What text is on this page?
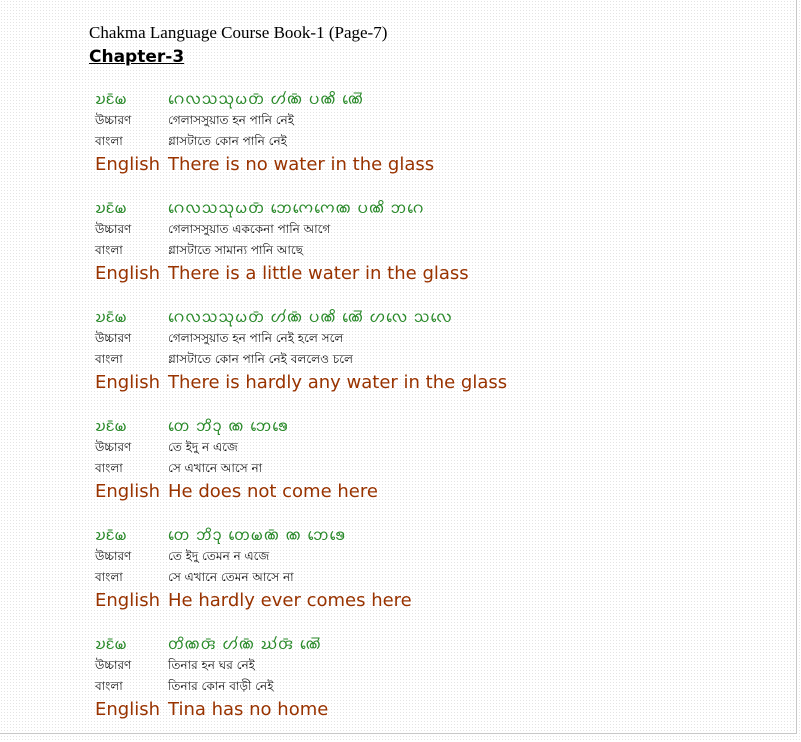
Chakma Language Course Book-1 (Page-7)
Chapter-3
𑄌𑄋𑄴𑄟	𑄉𑄬𑄣𑄥𑄥𑄪𑄠𑄖𑄴 𑄦𑄧𑄚𑄴 𑄛𑄚𑄨 𑄚𑄬𑄭
উচ্চারণ	গেলাসসুয়াত হন পানি নেই
বাংলা	গ্লাসটাতে কোন পানি নেই
English There is no water in the glass
𑄌𑄋𑄴𑄟	𑄉𑄬𑄣𑄥𑄥𑄪𑄠𑄖𑄴 𑄃𑄬𑄇𑄬𑄇𑄬𑄚 𑄛𑄚𑄨 𑄃𑄉𑄬
উচ্চারণ	গেলাসসুয়াত এককেনা পানি আগে
বাংলা	গ্লাসটাতে সামান্য পানি আছে
English There is a little water in the glass
𑄌𑄋𑄴𑄟	𑄉𑄬𑄣𑄥𑄥𑄪𑄠𑄖𑄴 𑄦𑄧𑄚𑄴 𑄛𑄚𑄨 𑄚𑄬𑄭 𑄦𑄣𑄬 𑄥𑄣𑄬
উচ্চারণ	গেলাসসুয়াত হন পানি নেই হলে সলে
বাংলা	গ্লাসটাতে কোন পানি নেই বললেও চলে
English There is hardly any water in the glass
𑄌𑄋𑄴𑄟	𑄖𑄬 𑄃𑄨𑄘𑄪 𑄚 𑄃𑄬𑄎𑄬
উচ্চারণ	তে ইদু ন এজে
বাংলা	সে এখানে আসে না
English He does not come here
𑄌𑄋𑄴𑄟	𑄖𑄬 𑄃𑄨𑄘𑄪 𑄖𑄬𑄟𑄚𑄴 𑄚 𑄃𑄬𑄎𑄬
উচ্চারণ	তে ইদু তেমন ন এজে
বাংলা	সে এখানে তেমন আসে না
English He hardly ever comes here
𑄌𑄋𑄴𑄟	𑄖𑄨𑄚𑄢𑄴 𑄦𑄧𑄚𑄴 𑄊𑄧𑄢𑄴 𑄚𑄬𑄭
উচ্চারণ	তিনার হন ঘর নেই
বাংলা	তিনার কোন বাড়ী নেই
English Tina has no home
